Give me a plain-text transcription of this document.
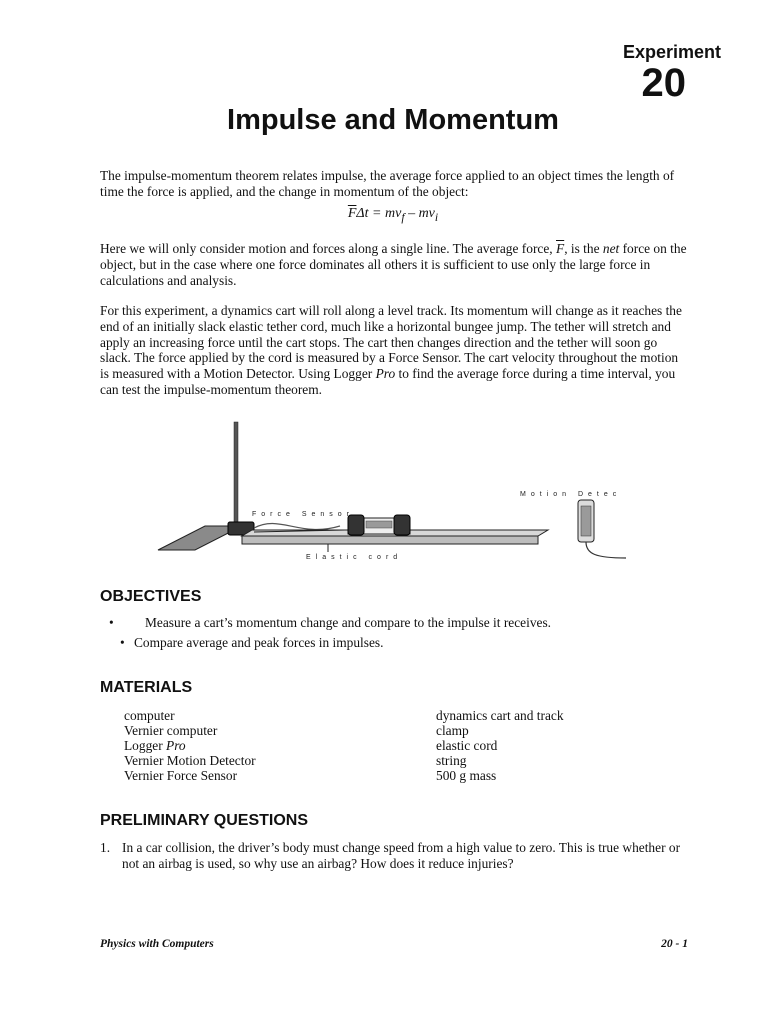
Experiment
20
Impulse and Momentum
The impulse-momentum theorem relates impulse, the average force applied to an object times the length of time the force is applied, and the change in momentum of the object:
$\overline{F}\Delta t = mv_f - mv_i$
Here we will only consider motion and forces along a single line. The average force, $\overline{F}$, is the net force on the object, but in the case where one force dominates all others it is sufficient to use only the large force in calculations and analysis.
For this experiment, a dynamics cart will roll along a level track. Its momentum will change as it reaches the end of an initially slack elastic tether cord, much like a horizontal bungee jump. The tether will stretch and apply an increasing force until the cart stops. The cart then changes direction and the tether will soon go slack. The force applied by the cord is measured by a Force Sensor. The cart velocity throughout the motion is measured with a Motion Detector. Using Logger Pro to find the average force during a time interval, you can test the impulse-momentum theorem.
Force Sensor
Motion Detec
Elastic cord
OBJECTIVES
• Measure a cart’s momentum change and compare to the impulse it receives.
• Compare average and peak forces in impulses.
MATERIALS
computer
Vernier computer
Logger Pro
Vernier Motion Detector
Vernier Force Sensor
dynamics cart and track
clamp
elastic cord
string
500 g mass
PRELIMINARY QUESTIONS
1. In a car collision, the driver’s body must change speed from a high value to zero. This is true whether or not an airbag is used, so why use an airbag? How does it reduce injuries?
Physics with Computers	20 - 1
